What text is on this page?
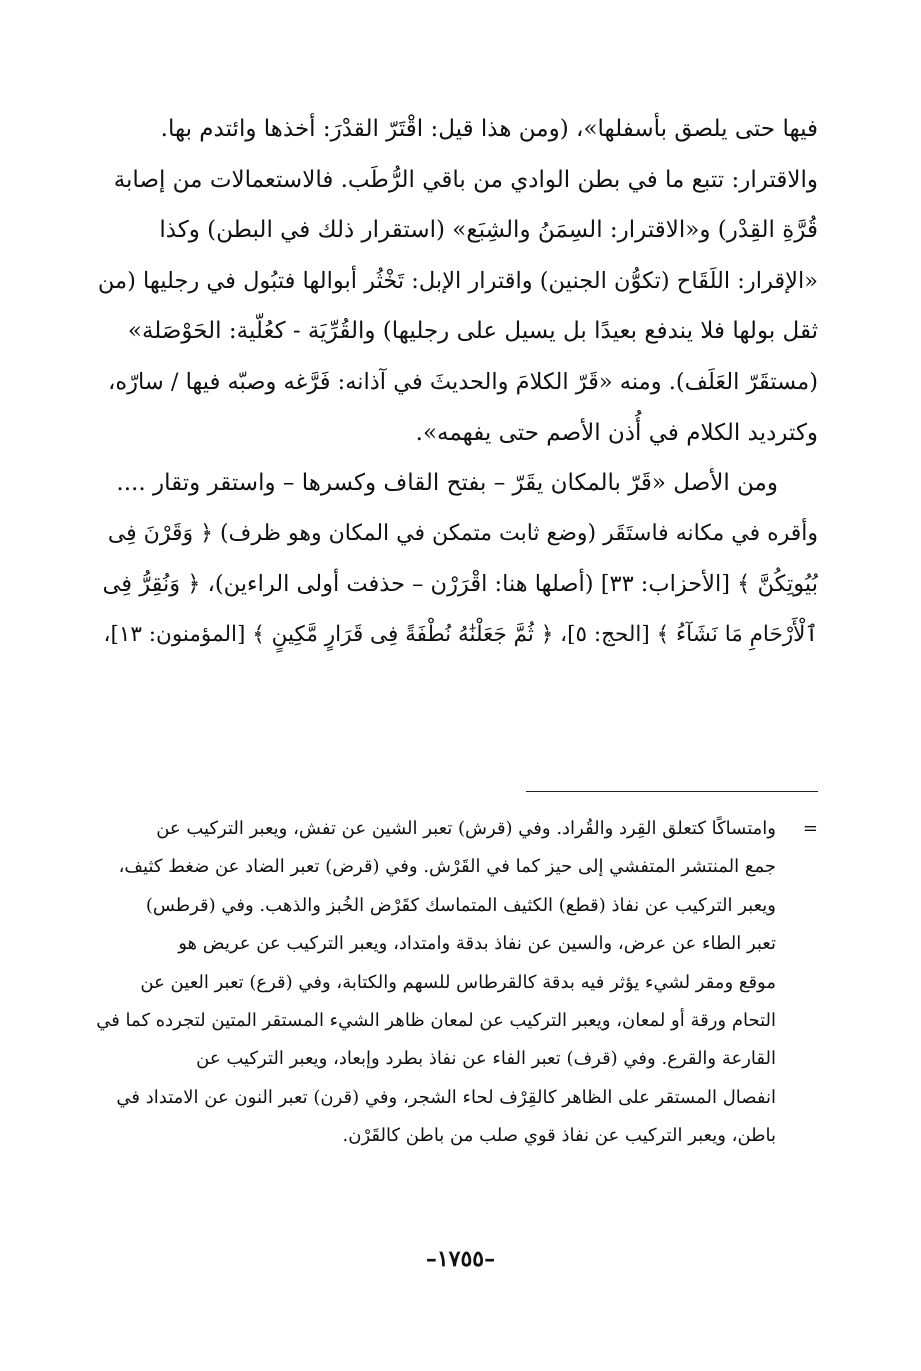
فيها حتى يلصق بأسفلها»، (ومن هذا قيل: اقْتَرّ القدْرَ: أخذها وائتدم بها.
والاقترار: تتبع ما في بطن الوادي من باقي الرُّطَب. فالاستعمالات من إصابة
قُرَّةِ القِدْر) و«الاقترار: السِمَنُ والشِبَع» (استقرار ذلك في البطن) وكذا
«الإقرار: اللَقَاح (تكوُّن الجنين) واقترار الإبل: تَخْثُر أبوالها فتبُول في رجليها (من
ثقل بولها فلا يندفع بعيدًا بل يسيل على رجليها) والقُرِّيَة - كعُلّية: الحَوْصَلة»
(مستقَرّ العَلَف). ومنه «قَرّ الكلامَ والحديثَ في آذانه: فَرَّغه وصبّه فيها / سارّه،
وكترديد الكلام في أُذن الأصم حتى يفهمه».
ومن الأصل «قَرّ بالمكان يقَرّ – بفتح القاف وكسرها – واستقر وتقار ....
وأقره في مكانه فاستَقَر (وضع ثابت متمكن في المكان وهو ظرف) ﴿ وَقَرْنَ فِى
بُيُوتِكُنَّ ﴾ [الأحزاب: ٣٣] (أصلها هنا: اقْرَرْن – حذفت أولى الراءين)، ﴿ وَنُقِرُّ فِى
ٱلْأَرْحَامِ مَا نَشَآءُ ﴾ [الحج: ٥]، ﴿ ثُمَّ جَعَلْنَٰهُ نُطْفَةً فِى قَرَارٍ مَّكِينٍ ﴾ [المؤمنون: ١٣]،
=
وامتساكًا كتعلق القِرد والقُراد. وفي (قرش) تعبر الشين عن تفش، ويعبر التركيب عن
جمع المنتشر المتفشي إلى حيز كما في القَرْش. وفي (قرض) تعبر الضاد عن ضغط كثيف،
ويعبر التركيب عن نفاذ (قطع) الكثيف المتماسك كقَرْض الخُبز والذهب. وفي (قرطس)
تعبر الطاء عن عرض، والسين عن نفاذ بدقة وامتداد، ويعبر التركيب عن عريض هو
موقع ومقر لشيء يؤثر فيه بدقة كالقرطاس للسهم والكتابة، وفي (قرع) تعبر العين عن
التحام ورقة أو لمعان، ويعبر التركيب عن لمعان ظاهر الشيء المستقر المتين لتجرده كما في
القارعة والقرع. وفي (قرف) تعبر الفاء عن نفاذ بطرد وإبعاد، ويعبر التركيب عن
انفصال المستقر على الظاهر كالقِرْف لحاء الشجر، وفي (قرن) تعبر النون عن الامتداد في
باطن، ويعبر التركيب عن نفاذ قوي صلب من باطن كالقَرْن.
–١٧٥٥–
